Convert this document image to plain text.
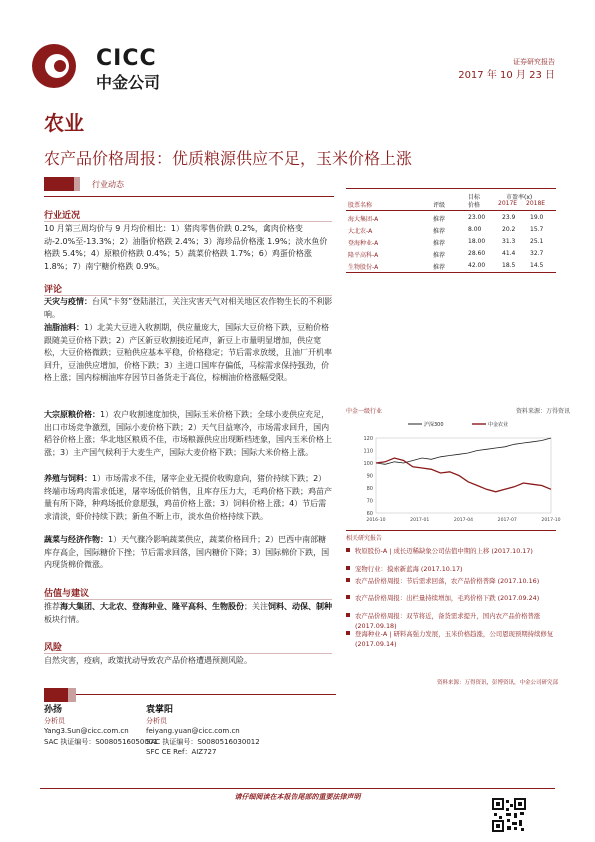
CICC
中金公司
证券研究报告
2017 年 10 月 23 日
农业
农产品价格周报：优质粮源供应不足，玉米价格上涨
行业动态
行业近况
10 月第三周均价与 9 月均价相比：1）猪肉零售价跌 0.2%，禽肉价格变动-2.0%至-13.3%；2）油脂价格跌 2.4%；3）海珍品价格涨 1.9%；淡水鱼价格跌 5.4%；4）原粮价格跌 0.4%；5）蔬菜价格跌 1.7%；6）鸡蛋价格涨 1.8%；7）南宁糖价格跌 0.9%。
评论
天灾与疫情：台风“卡努”登陆湛江，关注灾害天气对相关地区农作物生长的不利影响。
油脂油料：1）北美大豆进入收割期，供应量庞大，国际大豆价格下跌，豆粕价格跟随美豆价格下跌；2）产区新豆收割接近尾声，新豆上市量明显增加，供应宽松，大豆价格微跌；豆粕供应基本平稳，价格稳定；节后需求放缓，且油厂开机率回升，豆油供应增加，价格下跌；3）主进口国库存偏低，马棕需求保持强劲，价格上涨；国内棕榈油库存因节日备货走于高位，棕榈油价格涨幅受限。
大宗原粮价格：1）农户收割速度加快，国际玉米价格下跌；全球小麦供应充足，出口市场竞争激烈，国际小麦价格下跌；2）天气目益寒冷，市场需求回升，国内稻谷价格上涨；华北地区粮质不佳，市场粮源供应出现断档迹象，国内玉米价格上涨；3）主产国气候利于大麦生产，国际大麦价格下跌；国际大米价格上涨。
养殖与饲料：1）市场需求不佳，屠宰企业无提价收购意向，猪价持续下跌；2）终端市场鸡肉需求低迷，屠宰场低价销售，且库存压力大，毛鸡价格下跌；鸡苗产量有所下降，种鸡场抵价意愿强，鸡苗价格上涨；3）饲料价格上涨；4）节后需求清淡，虾价持续下跌；新鱼不断上市，淡水鱼价格持续下跌。
蔬菜与经济作物：1）天气骤冷影响蔬菜供应，蔬菜价格回升；2）巴西中南部糖库存高企，国际糖价下挫；节后需求回落，国内糖价下降；3）国际棉价下跌，国内现货棉价微涨。
估值与建议
推荐海大集团、大北农、登海种业、隆平高科、生物股份；关注饲料、动保、制种板块行情。
风险
自然灾害，疫病，政策扰动导致农产品价格遭遇预测风险。
市盈率(x)
目标
股票名称	评级	价格	2017E 2018E
海大集团-A	推荐	23.00	23.9 19.0
大北农-A	推荐	8.00	20.2 15.7
登海种业-A	推荐	18.00	31.3 25.1
隆平高科-A	推荐	28.60	41.4 32.7
生物股份-A	推荐	42.00	18.5 14.5
中金一级行业	资料来源：万得资讯
沪深300	中金农业
120
110
100
90
80
70
60
2016-10	2017-01	2017-04	2017-07	2017-10
相关研究报告
牧原股份-A | 成长迈稀缺象公司估值中期的上移 (2017.10.17)
宠物行业：摸索新蓝海 (2017.10.17)
农产品价格周报：节后需求回落，农产品价格普降 (2017.10.16)
农产品价格周报：出栏量持续增加，毛鸡价格下跌 (2017.09.24)
农产品价格周报：双节将近，备货需求提升，国内农产品价格普涨 (2017.09.18)
登海种业-A | 研料高强力发展，玉米价格趋涨，公司恩现预期持续修复 (2017.09.14)
资料来源：万得资讯，彭博资讯，中金公司研究部
孙扬
分析员
Yang3.Sun@cicc.com.cn
SAC 执证编号：S0080516050001
袁掌阳
分析员
feiyang.yuan@cicc.com.cn
SAC 执证编号：S0080516030012
SFC CE Ref：AIZ727
请仔细阅读在本报告尾部的重要法律声明
